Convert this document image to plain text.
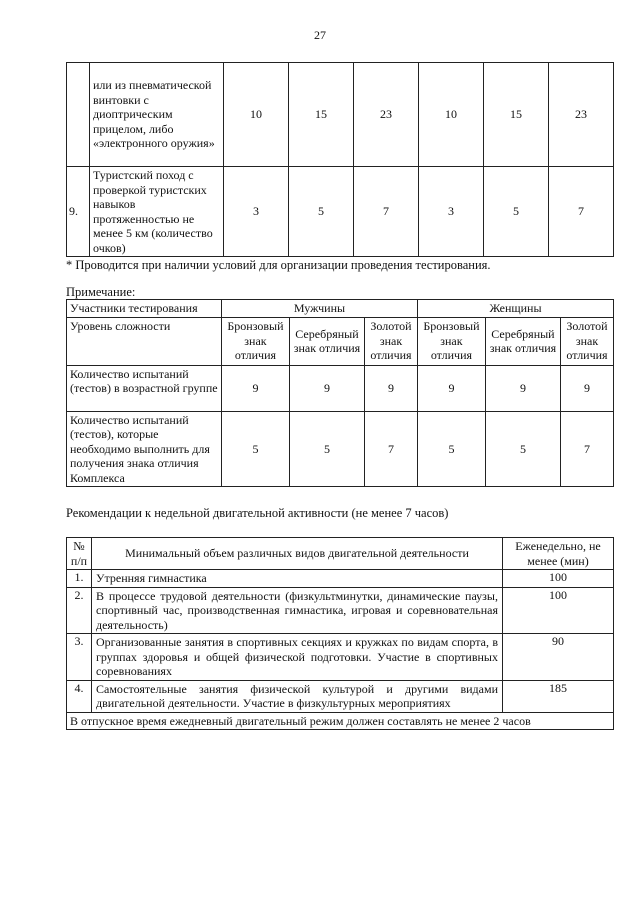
27
	или из пневматической винтовки с диоптрическим прицелом, либо «электронного оружия»	10	15	23	10	15	23
9.	Туристский поход с проверкой туристских навыков протяженностью не менее 5 км (количество очков)	3	5	7	3	5	7
* Проводится при наличии условий для организации проведения тестирования.
Примечание:
Участники тестирования	Мужчины			Женщины		
Уровень сложности	Бронзовый знак отличия	Серебряный знак отличия	Золотой знак отличия	Бронзовый знак отличия	Серебряный знак отличия	Золотой знак отличия
Количество испытаний (тестов) в возрастной группе	9	9	9	9	9	9
Количество испытаний (тестов), которые необходимо выполнить для получения знака отличия Комплекса	5	5	7	5	5	7
Рекомендации к недельной двигательной активности (не менее 7 часов)
№ п/п	Минимальный объем различных видов двигательной деятельности	Еженедельно, не менее (мин)
1.	Утренняя гимнастика	100
2.	В процессе трудовой деятельности (физкультминутки, динамические паузы, спортивный час, производственная гимнастика, игровая и соревновательная деятельность)	100
3.	Организованные занятия в спортивных секциях и кружках по видам спорта, в группах здоровья и общей физической подготовки. Участие в спортивных соревнованиях	90
4.	Самостоятельные занятия физической культурой и другими видами двигательной деятельности. Участие в физкультурных мероприятиях	185
В отпускное время ежедневный двигательный режим должен составлять не менее 2 часов		
